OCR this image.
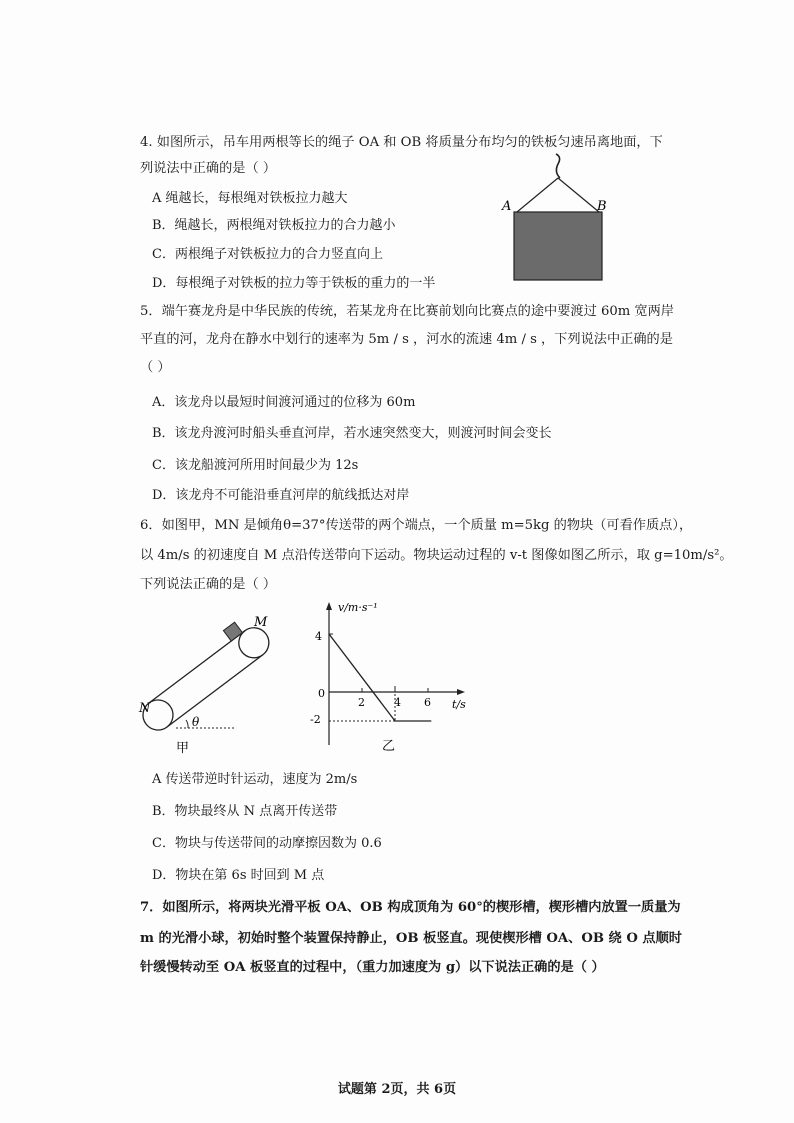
4. 如图所示，吊车用两根等长的绳子 OA 和 OB 将质量分布均匀的铁板匀速吊离地面，下
列说法中正确的是（ ）
A 绳越长，每根绳对铁板拉力越大
B．绳越长，两根绳对铁板拉力的合力越小
C．两根绳子对铁板拉力的合力竖直向上
D．每根绳子对铁板的拉力等于铁板的重力的一半
A	B
5．端午赛龙舟是中华民族的传统，若某龙舟在比赛前划向比赛点的途中要渡过 60m 宽两岸
平直的河，龙舟在静水中划行的速率为 5m / s ，河水的流速 4m / s ，下列说法中正确的是
（ ）
A．该龙舟以最短时间渡河通过的位移为 60m
B．该龙舟渡河时船头垂直河岸，若水速突然变大，则渡河时间会变长
C．该龙船渡河所用时间最少为 12s
D．该龙舟不可能沿垂直河岸的航线抵达对岸
6．如图甲，MN 是倾角θ=37°传送带的两个端点，一个质量 m=5kg 的物块（可看作质点），
以 4m/s 的初速度自 M 点沿传送带向下运动。物块运动过程的 v-t 图像如图乙所示，取 g=10m/s²。
下列说法正确的是（ ）
θ
M
N
甲
v/m·s⁻¹
t/s
4
0
-2
2	4 6
乙
A 传送带逆时针运动，速度为 2m/s
B．物块最终从 N 点离开传送带
C．物块与传送带间的动摩擦因数为 0.6
D．物块在第 6s 时回到 M 点
7．如图所示，将两块光滑平板 OA、OB 构成顶角为 60°的楔形槽，楔形槽内放置一质量为
m 的光滑小球，初始时整个装置保持静止，OB 板竖直。现使楔形槽 OA、OB 绕 O 点顺时
针缓慢转动至 OA 板竖直的过程中，（重力加速度为 g）以下说法正确的是（ ）
试题第 2页，共 6页
